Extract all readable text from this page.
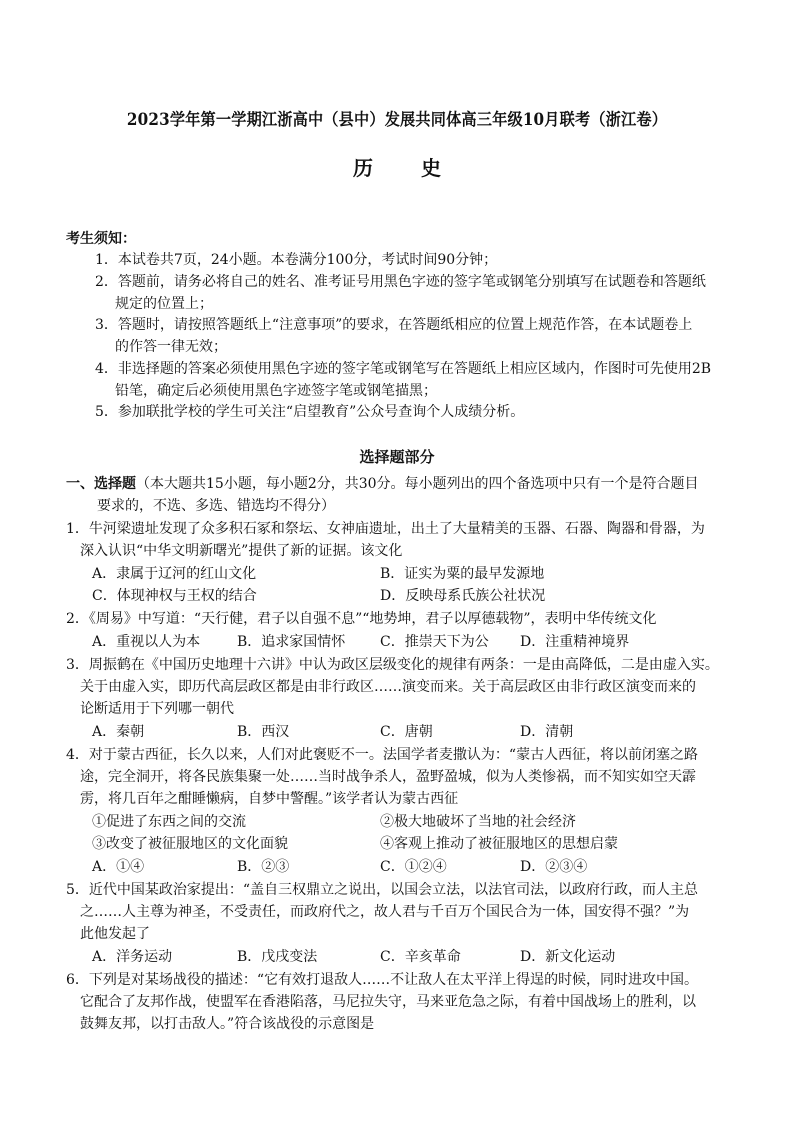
2023学年第一学期江浙高中（县中）发展共同体高三年级10月联考（浙江卷）
历　史
考生须知：
1．本试卷共7页，24小题。本卷满分100分，考试时间90分钟；
2．答题前，请务必将自己的姓名、准考证号用黑色字迹的签字笔或钢笔分别填写在试题卷和答题纸
规定的位置上；
3．答题时，请按照答题纸上“注意事项”的要求，在答题纸相应的位置上规范作答，在本试题卷上
的作答一律无效；
4．非选择题的答案必须使用黑色字迹的签字笔或钢笔写在答题纸上相应区域内，作图时可先使用2B
铅笔，确定后必须使用黑色字迹签字笔或钢笔描黑；
5．参加联批学校的学生可关注“启望教育”公众号查询个人成绩分析。
选择题部分
一、选择题（本大题共15小题，每小题2分，共30分。每小题列出的四个备选项中只有一个是符合题目
要求的，不选、多选、错选均不得分）
1．牛河梁遗址发现了众多积石冢和祭坛、女神庙遗址，出土了大量精美的玉器、石器、陶器和骨器，为
深入认识“中华文明新曙光”提供了新的证据。该文化
A．隶属于辽河的红山文化	B．证实为粟的最早发源地
C．体现神权与王权的结合	D．反映母系氏族公社状况
2．《周易》中写道：“天行健，君子以自强不息”“地势坤，君子以厚德载物”，表明中华传统文化
A．重视以人为本	B．追求家国情怀 C．推崇天下为公 D．注重精神境界
3．周振鹤在《中国历史地理十六讲》中认为政区层级变化的规律有两条：一是由高降低，二是由虚入实。
关于由虚入实，即历代高层政区都是由非行政区……演变而来。关于高层政区由非行政区演变而来的
论断适用于下列哪一朝代
A．秦朝	B．西汉	C．唐朝	D．清朝
4．对于蒙古西征，长久以来，人们对此褒贬不一。法国学者麦撒认为：“蒙古人西征，将以前闭塞之路
途，完全洞开，将各民族集聚一处……当时战争杀人，盈野盈城，似为人类惨祸，而不知实如空天霹
雳，将几百年之酣睡懒病，自梦中警醒。”该学者认为蒙古西征
①促进了东西之间的交流	②极大地破坏了当地的社会经济
③改变了被征服地区的文化面貌	④客观上推动了被征服地区的思想启蒙
A．①④	B．②③	C．①②④	D．②③④
5．近代中国某政治家提出：“盖自三权鼎立之说出，以国会立法，以法官司法，以政府行政，而人主总
之……人主尊为神圣，不受责任，而政府代之，故人君与千百万个国民合为一体，国安得不强？”为
此他发起了
A．洋务运动	B．戊戌变法	C．辛亥革命	D．新文化运动
6．下列是对某场战役的描述：“它有效打退敌人……不让敌人在太平洋上得逞的时候，同时进攻中国。
它配合了友邦作战，使盟军在香港陷落，马尼拉失守，马来亚危急之际，有着中国战场上的胜利，以
鼓舞友邦，以打击敌人。”符合该战役的示意图是
